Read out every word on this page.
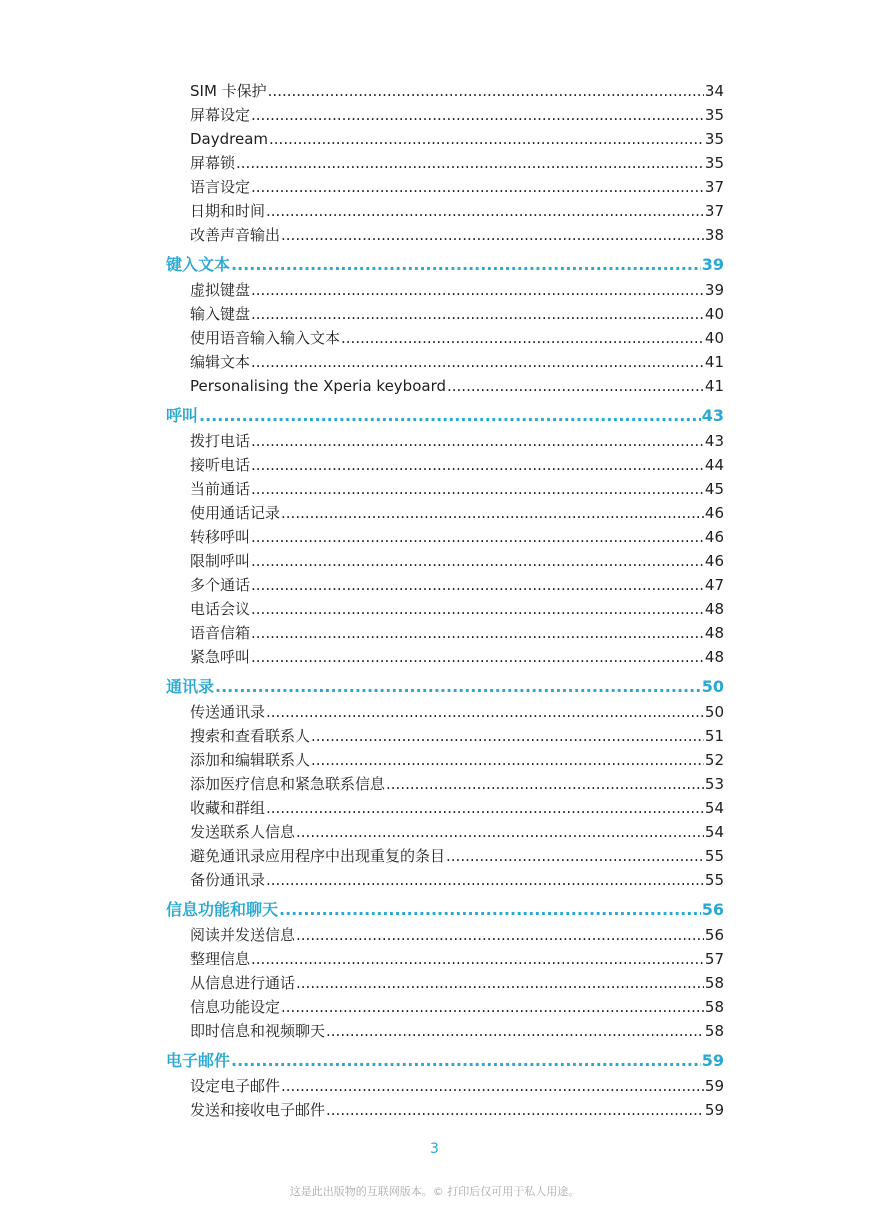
SIM 卡保护 .....	34
屏幕设定 .....	35
Daydream .....	35
屏幕锁 .....	35
语言设定 .....	37
日期和时间 .....	37
改善声音输出 .....	38
键入文本 .....	39
虚拟键盘 .....	39
输入键盘 .....	40
使用语音输入输入文本 .....	40
编辑文本 .....	41
Personalising the Xperia keyboard .....	41
呼叫 .....	43
拨打电话 .....	43
接听电话 .....	44
当前通话 .....	45
使用通话记录 .....	46
转移呼叫 .....	46
限制呼叫 .....	46
多个通话 .....	47
电话会议 .....	48
语音信箱 .....	48
紧急呼叫 .....	48
通讯录 .....	50
传送通讯录 .....	50
搜索和查看联系人 .....	51
添加和编辑联系人 .....	52
添加医疗信息和紧急联系信息 .....	53
收藏和群组 .....	54
发送联系人信息 .....	54
避免通讯录应用程序中出现重复的条目 .....	55
备份通讯录 .....	55
信息功能和聊天 .....	56
阅读并发送信息 .....	56
整理信息 .....	57
从信息进行通话 .....	58
信息功能设定 .....	58
即时信息和视频聊天 .....	58
电子邮件 .....	59
设定电子邮件 .....	59
发送和接收电子邮件 .....	59
3
这是此出版物的互联网版本。© 打印后仅可用于私人用途。
